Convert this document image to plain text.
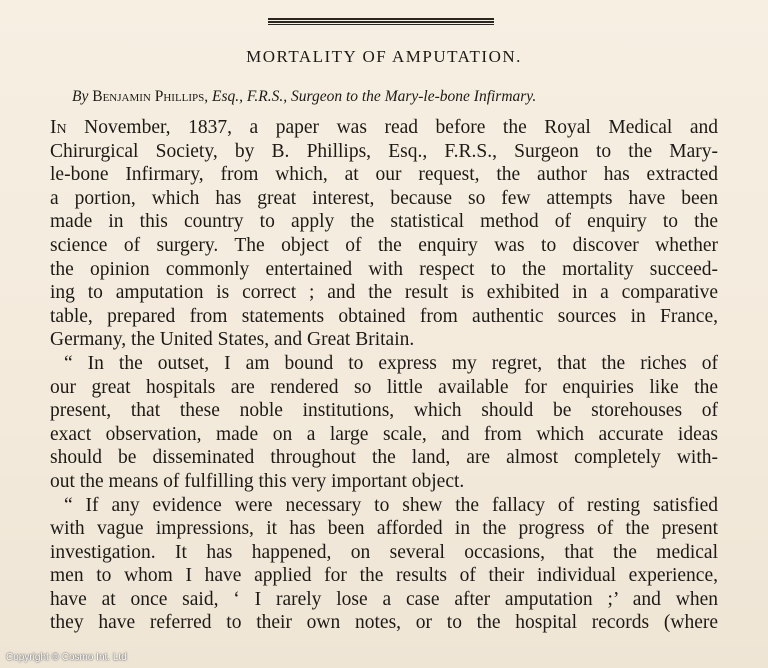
MORTALITY OF AMPUTATION.
By Benjamin Phillips, Esq., F.R.S., Surgeon to the Mary-le-bone Infirmary.
In November, 1837, a paper was read before the Royal Medical and
Chirurgical Society, by B. Phillips, Esq., F.R.S., Surgeon to the Mary-
le-bone Infirmary, from which, at our request, the author has extracted
a portion, which has great interest, because so few attempts have been
made in this country to apply the statistical method of enquiry to the
science of surgery. The object of the enquiry was to discover whether
the opinion commonly entertained with respect to the mortality succeed-
ing to amputation is correct ; and the result is exhibited in a comparative
table, prepared from statements obtained from authentic sources in France,
Germany, the United States, and Great Britain.
“ In the outset, I am bound to express my regret, that the riches of
our great hospitals are rendered so little available for enquiries like the
present, that these noble institutions, which should be storehouses of
exact observation, made on a large scale, and from which accurate ideas
should be disseminated throughout the land, are almost completely with-
out the means of fulfilling this very important object.
“ If any evidence were necessary to shew the fallacy of resting satisfied
with vague impressions, it has been afforded in the progress of the present
investigation. It has happened, on several occasions, that the medical
men to whom I have applied for the results of their individual experience,
have at once said, ‘ I rarely lose a case after amputation ;’ and when
they have referred to their own notes, or to the hospital records (where
Copyright © Cosmo Int. Ltd
